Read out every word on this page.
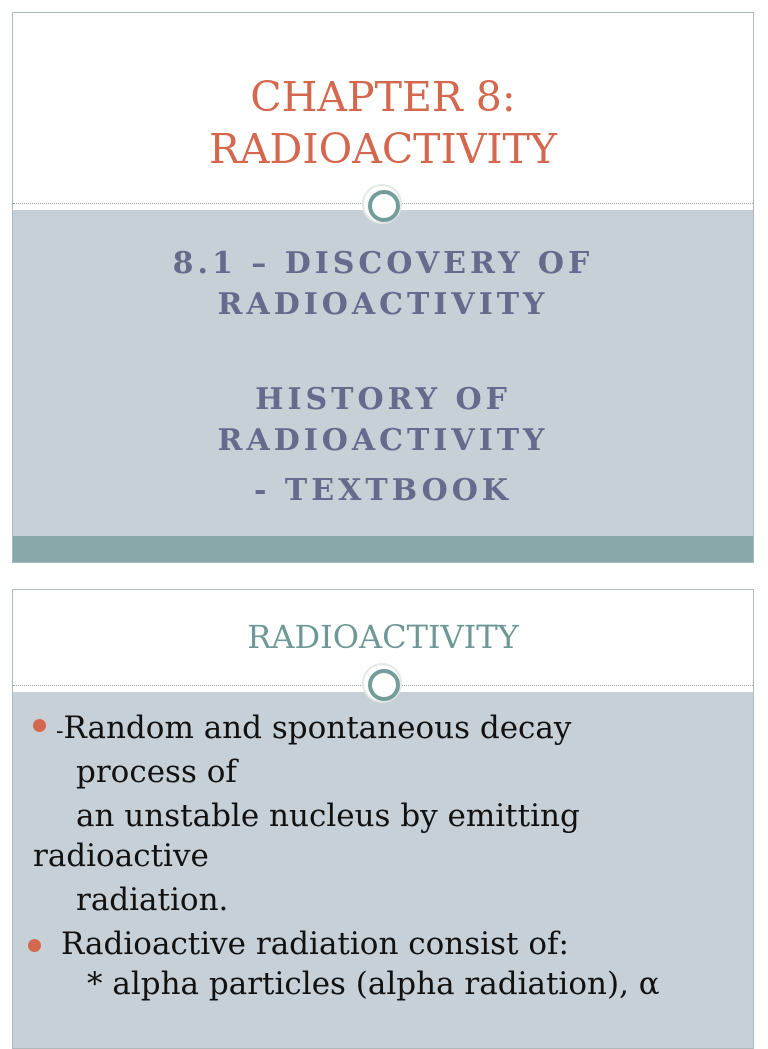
CHAPTER 8:
RADIOACTIVITY
8.1 – DISCOVERY OF
RADIOACTIVITY
HISTORY OF
RADIOACTIVITY
- TEXTBOOK
RADIOACTIVITY

-Random and spontaneous decay
process of

an unstable nucleus by emitting

radioactive

radiation.

Radioactive radiation consist of:

* alpha particles (alpha radiation), α
